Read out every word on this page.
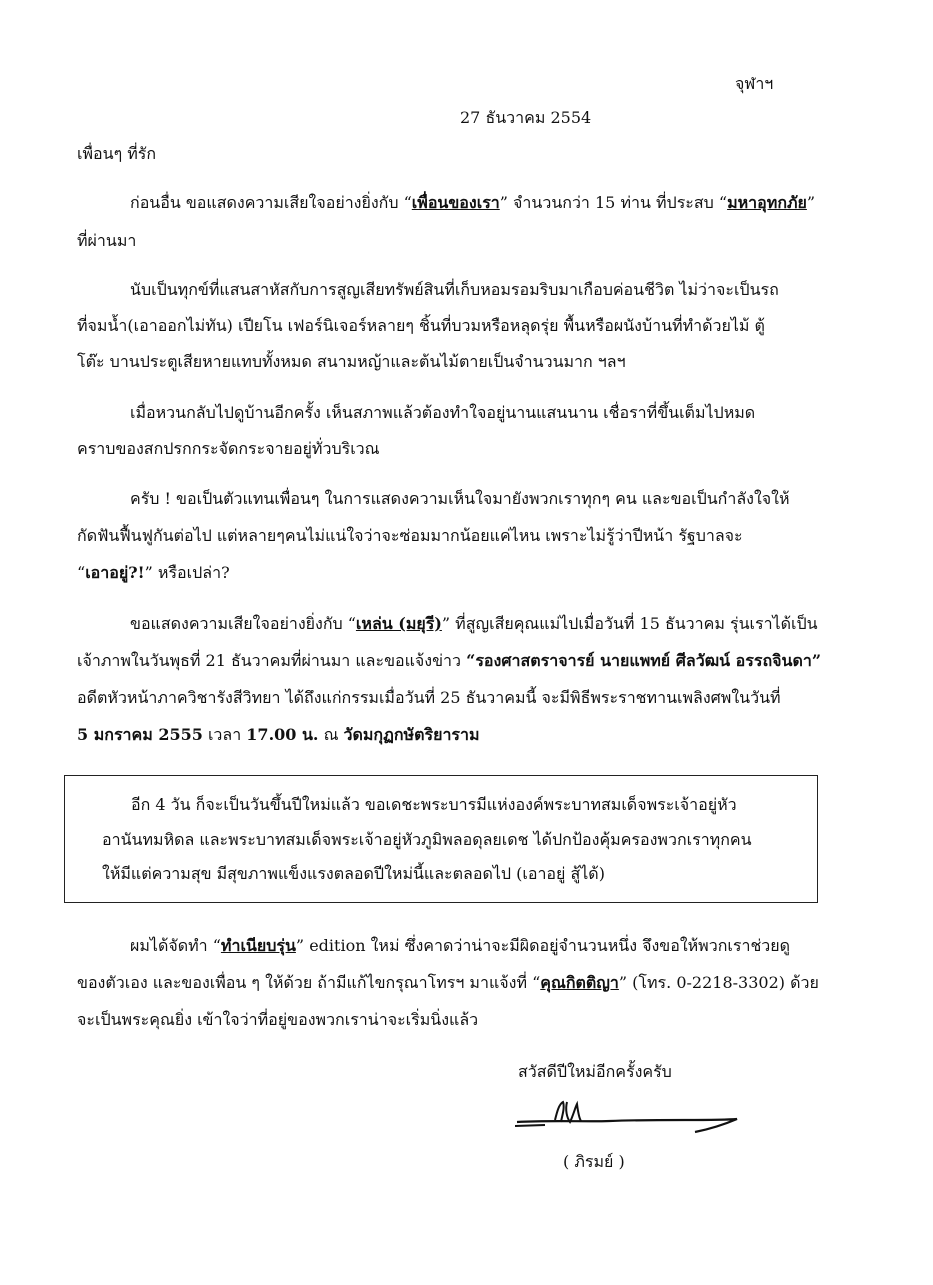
จุฬาฯ
27 ธันวาคม 2554
เพื่อนๆ ที่รัก
ก่อนอื่น ขอแสดงความเสียใจอย่างยิ่งกับ “เพื่อนของเรา” จำนวนกว่า 15 ท่าน ที่ประสบ “มหาอุทกภัย”
ที่ผ่านมา
นับเป็นทุกข์ที่แสนสาหัสกับการสูญเสียทรัพย์สินที่เก็บหอมรอมริบมาเกือบค่อนชีวิต ไม่ว่าจะเป็นรถ
ที่จมน้ำ(เอาออกไม่ทัน) เปียโน เฟอร์นิเจอร์หลายๆ ชิ้นที่บวมหรือหลุดรุ่ย พื้นหรือผนังบ้านที่ทำด้วยไม้ ตู้
โต๊ะ บานประตูเสียหายแทบทั้งหมด สนามหญ้าและต้นไม้ตายเป็นจำนวนมาก ฯลฯ
เมื่อหวนกลับไปดูบ้านอีกครั้ง เห็นสภาพแล้วต้องทำใจอยู่นานแสนนาน เชื่อราที่ขึ้นเต็มไปหมด
คราบของสกปรกกระจัดกระจายอยู่ทั่วบริเวณ
ครับ ! ขอเป็นตัวแทนเพื่อนๆ ในการแสดงความเห็นใจมายังพวกเราทุกๆ คน และขอเป็นกำลังใจให้
กัดฟันฟื้นฟูกันต่อไป แต่หลายๆคนไม่แน่ใจว่าจะซ่อมมากน้อยแค่ไหน เพราะไม่รู้ว่าปีหน้า รัฐบาลจะ
“เอาอยู่?!” หรือเปล่า?
ขอแสดงความเสียใจอย่างยิ่งกับ “เหล่น (มยุรี)” ที่สูญเสียคุณแม่ไปเมื่อวันที่ 15 ธันวาคม รุ่นเราได้เป็น
เจ้าภาพในวันพุธที่ 21 ธันวาคมที่ผ่านมา และขอแจ้งข่าว “รองศาสตราจารย์ นายแพทย์ ศีลวัฒน์ อรรถจินดา”
อดีตหัวหน้าภาควิชารังสีวิทยา ได้ถึงแก่กรรมเมื่อวันที่ 25 ธันวาคมนี้ จะมีพิธีพระราชทานเพลิงศพในวันที่
5 มกราคม 2555 เวลา 17.00 น. ณ วัดมกุฏกษัตริยาราม
อีก 4 วัน ก็จะเป็นวันขึ้นปีใหม่แล้ว ขอเดชะพระบารมีแห่งองค์พระบาทสมเด็จพระเจ้าอยู่หัว
อานันทมหิดล และพระบาทสมเด็จพระเจ้าอยู่หัวภูมิพลอดุลยเดช ได้ปกป้องคุ้มครองพวกเราทุกคน
ให้มีแต่ความสุข มีสุขภาพแข็งแรงตลอดปีใหม่นี้และตลอดไป (เอาอยู่ สู้ได้)
ผมได้จัดทำ “ทำเนียบรุ่น” edition ใหม่ ซึ่งคาดว่าน่าจะมีผิดอยู่จำนวนหนึ่ง จึงขอให้พวกเราช่วยดู
ของตัวเอง และของเพื่อน ๆ ให้ด้วย ถ้ามีแก้ไขกรุณาโทรฯ มาแจ้งที่ “คุณกิตติญา” (โทร. 0-2218-3302) ด้วย
จะเป็นพระคุณยิ่ง เข้าใจว่าที่อยู่ของพวกเราน่าจะเริ่มนิ่งแล้ว
สวัสดีปีใหม่อีกครั้งครับ
( ภิรมย์ )
